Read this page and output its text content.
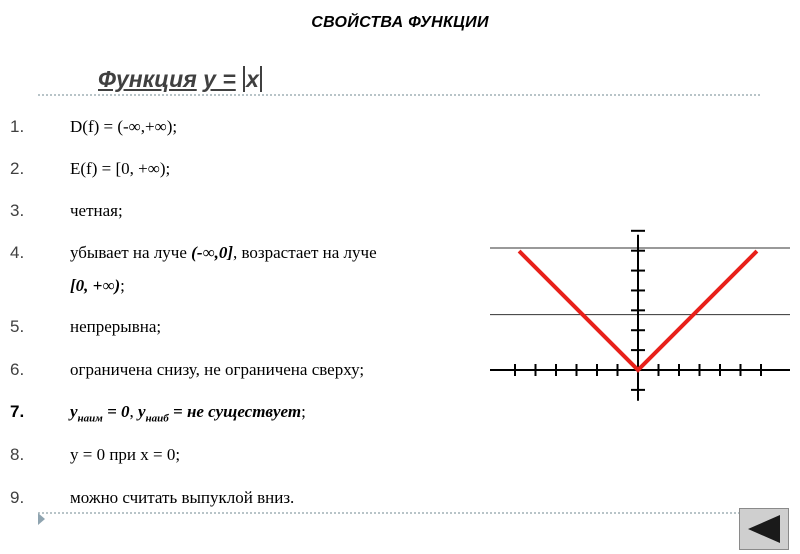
СВОЙСТВА ФУНКЦИИ
Функция y = x
1.	D(f) = (-∞,+∞);
2.	E(f) = [0, +∞);
3.	четная;
4.	убывает на луче (-∞,0], возрастает на луче
[0, +∞);
5.	непрерывна;
6.	ограничена снизу, не ограничена сверху;
7.	$y_{наим} = 0$, $y_{наиб}$ = не существует;
8.	y = 0 при x = 0;
9.	можно считать выпуклой вниз.
